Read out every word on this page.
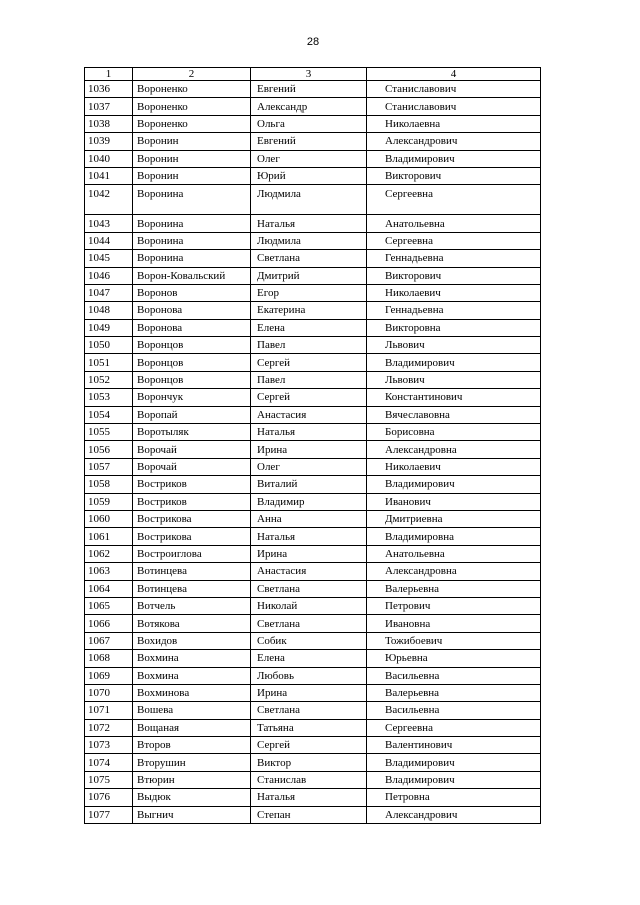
28
1	2	3	4
1036	Вороненко	Евгений	Станиславович
1037	Вороненко	Александр	Станиславович
1038	Вороненко	Ольга	Николаевна
1039	Воронин	Евгений	Александрович
1040	Воронин	Олег	Владимирович
1041	Воронин	Юрий	Викторович
1042	Воронина	Людмила	Сергеевна
1043	Воронина	Наталья	Анатольевна
1044	Воронина	Людмила	Сергеевна
1045	Воронина	Светлана	Геннадьевна
1046	Ворон-Ковальский	Дмитрий	Викторович
1047	Воронов	Егор	Николаевич
1048	Воронова	Екатерина	Геннадьевна
1049	Воронова	Елена	Викторовна
1050	Воронцов	Павел	Львович
1051	Воронцов	Сергей	Владимирович
1052	Воронцов	Павел	Львович
1053	Ворончук	Сергей	Константинович
1054	Воропай	Анастасия	Вячеславовна
1055	Воротыляк	Наталья	Борисовна
1056	Ворочай	Ирина	Александровна
1057	Ворочай	Олег	Николаевич
1058	Востриков	Виталий	Владимирович
1059	Востриков	Владимир	Иванович
1060	Вострикова	Анна	Дмитриевна
1061	Вострикова	Наталья	Владимировна
1062	Востроиглова	Ирина	Анатольевна
1063	Вотинцева	Анастасия	Александровна
1064	Вотинцева	Светлана	Валерьевна
1065	Вотчель	Николай	Петрович
1066	Вотякова	Светлана	Ивановна
1067	Вохидов	Собик	Тожибоевич
1068	Вохмина	Елена	Юрьевна
1069	Вохмина	Любовь	Васильевна
1070	Вохминова	Ирина	Валерьевна
1071	Вошева	Светлана	Васильевна
1072	Вощаная	Татьяна	Сергеевна
1073	Второв	Сергей	Валентинович
1074	Вторушин	Виктор	Владимирович
1075	Втюрин	Станислав	Владимирович
1076	Выдюк	Наталья	Петровна
1077	Выгнич	Степан	Александрович
